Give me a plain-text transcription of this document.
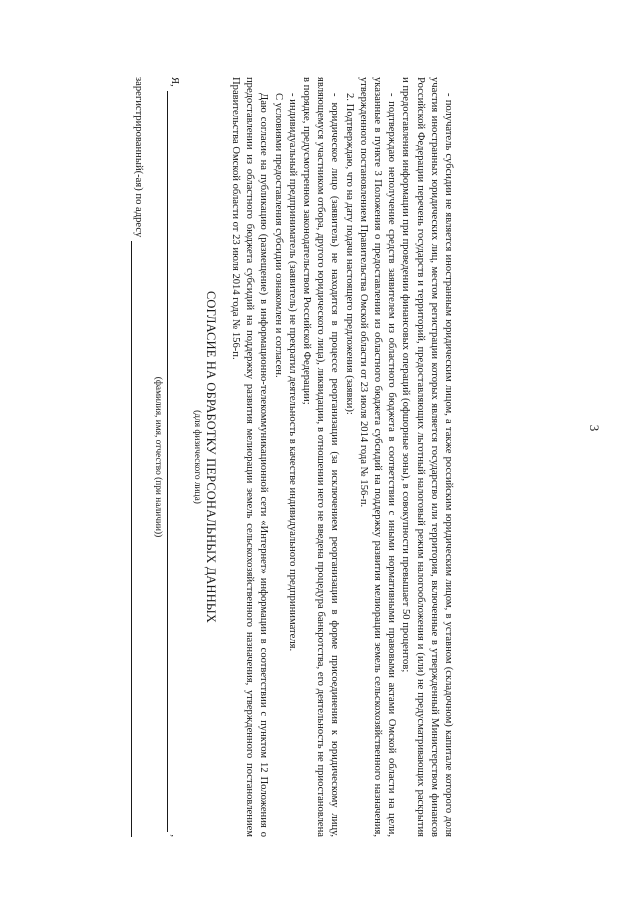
3

- получатель субсидии не является иностранным юридическим лицом, а также российским юридическим лицом, в уставном (складочном) капитале которого доля участия иностранных юридических лиц, местом регистрации которых является государство или территория, включенные в утвержденный Министерством финансов Российской Федерации перечень государств и территорий, предоставляющих льготный налоговый режим налогообложения и (или) не предусматривающих раскрытия и предоставления информации при проведении финансовых операций (офшорные зоны), в совокупности превышает 50 процентов;

- подтверждаю неполучение средств заявителем из областного бюджета в соответствии с иными нормативными правовыми актами Омской области на цели, указанные в пункте 3 Положения о предоставлении из областного бюджета субсидий на поддержку развития мелиорации земель сельскохозяйственного назначения, утвержденного постановлением Правительства Омской области от 23 июля 2014 года № 156-п.

2. Подтверждаю, что на дату подачи настоящего предложения (заявки):

- юридическое лицо (заявитель) не находится в процессе реорганизации (за исключением реорганизации в форме присоединения к юридическому лицу, являющемуся участником отбора, другого юридического лица), ликвидации, в отношении него не введена процедура банкротства, его деятельность не приостановлена в порядке, предусмотренном законодательством Российской Федерации;

- индивидуальный предприниматель (заявитель) не прекратил деятельность в качестве индивидуального предпринимателя.

С условиями предоставления субсидии ознакомлен и согласен.

Даю согласие на публикацию (размещение) в информационно-телекоммуникационной сети «Интернет» информации в соответствии с пунктом 12 Положения о предоставлении из областного бюджета субсидий на поддержку развития мелиорации земель сельскохозяйственного назначения, утвержденного постановлением Правительства Омской области от 23 июля 2014 года № 156-п.

СОГЛАСИЕ НА ОБРАБОТКУ ПЕРСОНАЛЬНЫХ ДАННЫХ
(для физического лица)
Я,
,
(фамилия, имя, отчество (при наличии))
зарегистрированный(-ая) по адресу
